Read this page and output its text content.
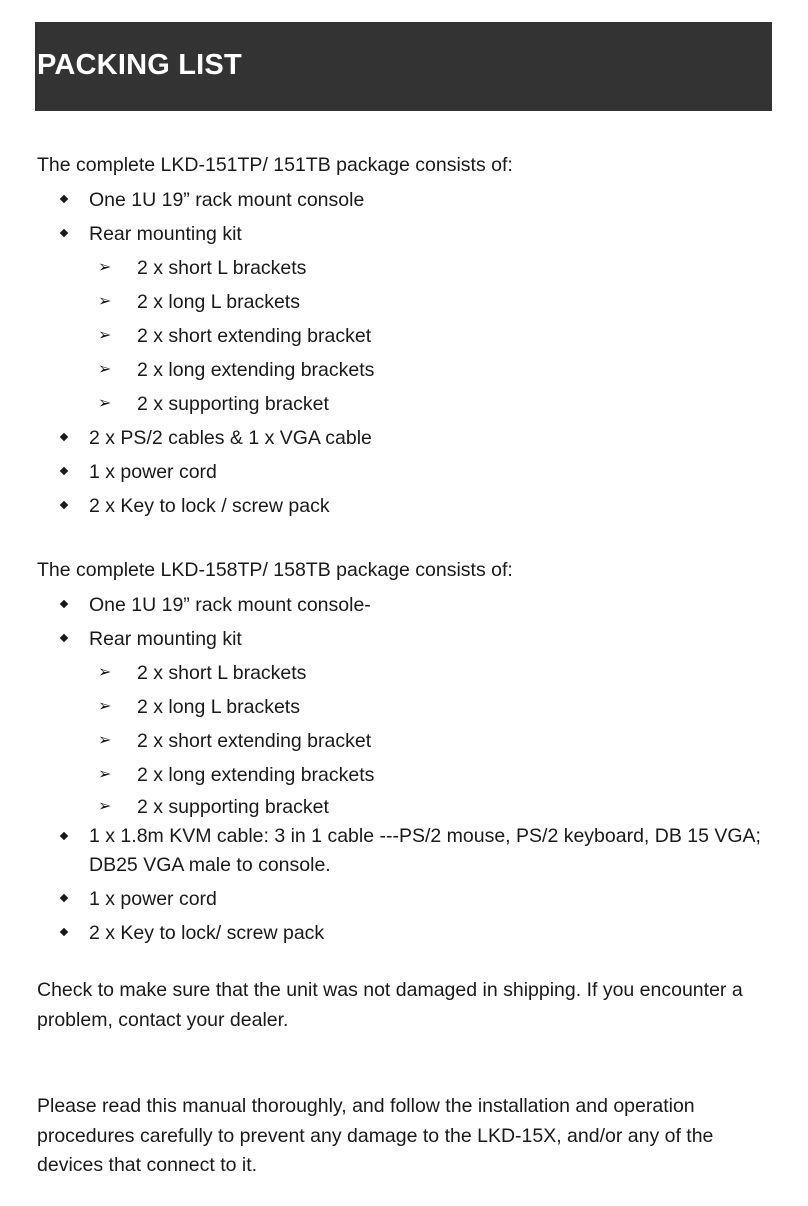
PACKING LIST

The complete LKD-151TP/ 151TB package consists of:

One 1U 19” rack mount console
Rear mounting kit
➢ 2 x short L brackets
➢ 2 x long L brackets
➢ 2 x short extending bracket
➢ 2 x long extending brackets
➢ 2 x supporting bracket
2 x PS/2 cables & 1 x VGA cable
1 x power cord
2 x Key to lock / screw pack

The complete LKD-158TP/ 158TB package consists of:

One 1U 19” rack mount console-
Rear mounting kit
➢ 2 x short L brackets
➢ 2 x long L brackets
➢ 2 x short extending bracket
➢ 2 x long extending brackets
➢ 2 x supporting bracket
1 x 1.8m KVM cable: 3 in 1 cable ---PS/2 mouse, PS/2 keyboard, DB 15 VGA; DB25 VGA male to console.
1 x power cord
2 x Key to lock/ screw pack

Check to make sure that the unit was not damaged in shipping. If you encounter a problem, contact your dealer.

Please read this manual thoroughly, and follow the installation and operation procedures carefully to prevent any damage to the LKD-15X, and/or any of the devices that connect to it.
